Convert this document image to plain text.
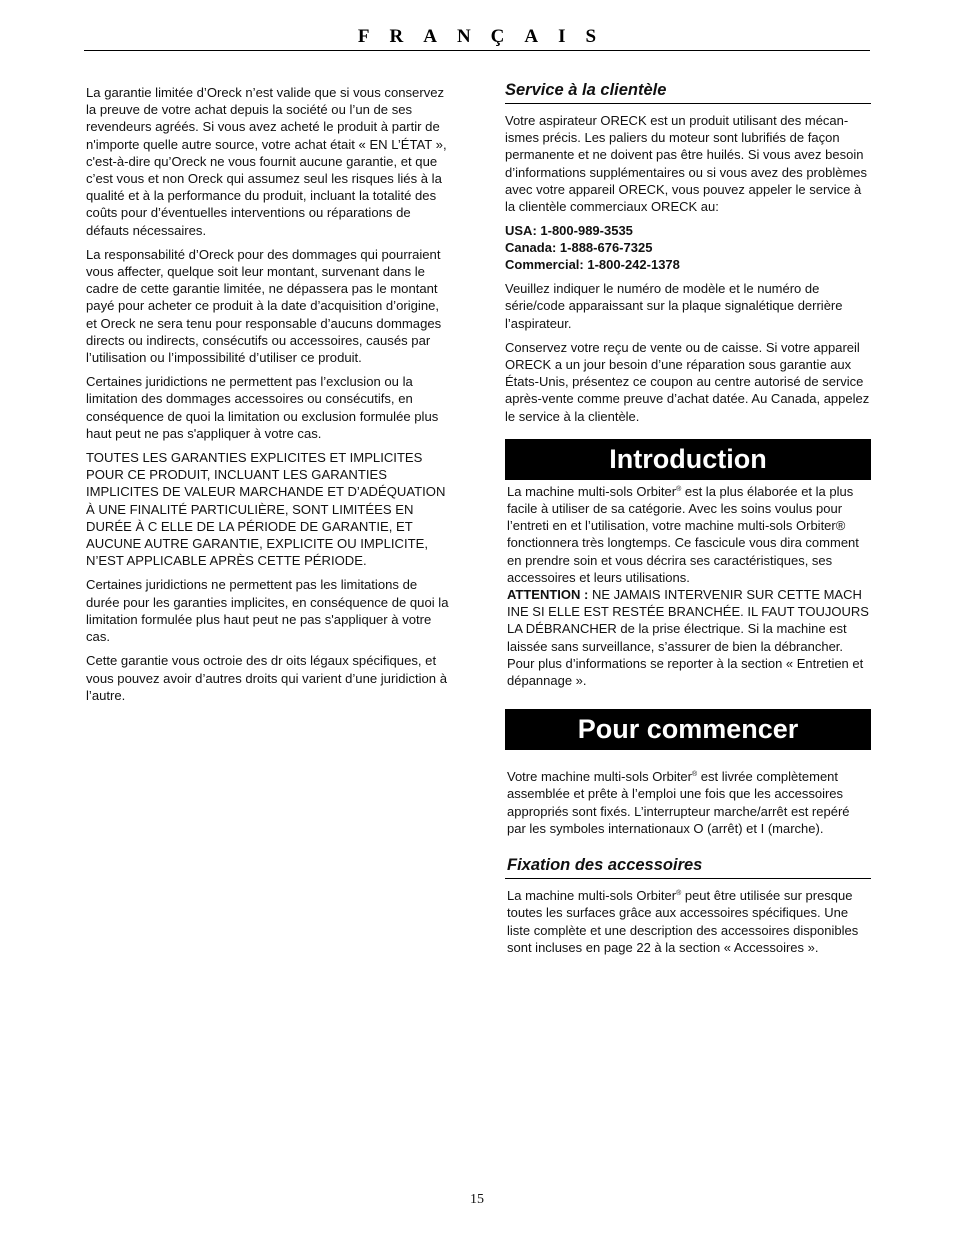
FRANÇAIS

La garantie limitée d’Oreck n’est valide que si vous conservez la preuve de votre achat depuis la société ou l’un de ses revendeurs agréés. Si vous avez acheté le produit à partir de n'importe quelle autre source, votre achat était « EN L’ÉTAT », c'est-à-dire qu’Oreck ne vous fournit aucune garantie, et que c’est vous et non Oreck qui assumez seul les risques liés à la qualité et à la performance du produit, incluant la totalité des coûts pour d’éventuelles interventions ou réparations de défauts nécessaires.

La responsabilité d’Oreck pour des dommages qui pourraient vous affecter, quelque soit leur montant, survenant dans le cadre de cette garantie limitée, ne dépassera pas le montant payé pour acheter ce produit à la date d’acquisition d’origine, et Oreck ne sera tenu pour responsable d’aucuns dommages directs ou indirects, consécutifs ou accessoires, causés par l’utilisation ou l’impossibilité d’utiliser ce produit.

Certaines juridictions ne permettent pas l’exclusion ou la limitation des dommages accessoires ou consécutifs, en conséquence de quoi la limitation ou exclusion formulée plus haut peut ne pas s'appliquer à votre cas.

TOUTES LES GARANTIES EXPLICITES ET IMPLICITES POUR CE PRODUIT, INCLUANT LES GARANTIES IMPLICITES DE VALEUR MARCHANDE ET D’ADÉQUATION À UNE FINALITÉ PARTICULIÈRE, SONT LIMITÉES EN DURÉE À C ELLE DE LA PÉRIODE DE GARANTIE, ET AUCUNE AUTRE GARANTIE, EXPLICITE OU IMPLICITE, N’EST APPLICABLE APRÈS CETTE PÉRIODE.

Certaines juridictions ne permettent pas les limitations de durée pour les garanties implicites, en conséquence de quoi la limitation formulée plus haut peut ne pas s'appliquer à votre cas.

Cette garantie vous octroie des dr oits légaux spécifiques, et vous pouvez avoir d’autres droits qui varient d’une juridiction à l’autre.

Service à la clientèle

Votre aspirateur ORECK est un produit utilisant des mécan-ismes précis. Les paliers du moteur sont lubrifiés de façon permanente et ne doivent pas être huilés. Si vous avez besoin d’informations supplémentaires ou si vous avez des problèmes avec votre appareil ORECK, vous pouvez appeler le service à la clientèle commerciaux ORECK au:

USA: 1-800-989-3535
Canada: 1-888-676-7325
Commercial: 1-800-242-1378

Veuillez indiquer le numéro de modèle et le numéro de série/code apparaissant sur la plaque signalétique derrière l’aspirateur.

Conservez votre reçu de vente ou de caisse. Si votre appareil ORECK a un jour besoin d’une réparation sous garantie aux États-Unis, présentez ce coupon au centre autorisé de service après-vente comme preuve d’achat datée. Au Canada, appelez le service à la clientèle.

Introduction

La machine multi-sols Orbiter® est la plus élaborée et la plus facile à utiliser de sa catégorie. Avec les soins voulus pour l’entreti en et l’utilisation, votre machine multi-sols Orbiter® fonctionnera très longtemps. Ce fascicule vous dira comment en prendre soin et vous décrira ses caractéristiques, ses accessoires et leurs utilisations.
ATTENTION : NE JAMAIS INTERVENIR SUR CETTE MACH INE SI ELLE EST RESTÉE BRANCHÉE. IL FAUT TOUJOURS LA DÉBRANCHER de la prise électrique. Si la machine est laissée sans surveillance, s’assurer de bien la débrancher. Pour plus d’informations se reporter à la section « Entretien et dépannage ».

Pour commencer

Votre machine multi-sols Orbiter® est livrée complètement assemblée et prête à l’emploi une fois que les accessoires appropriés sont fixés. L’interrupteur marche/arrêt est repéré par les symboles internationaux O (arrêt) et I (marche).

Fixation des accessoires

La machine multi-sols Orbiter® peut être utilisée sur presque toutes les surfaces grâce aux accessoires spécifiques. Une liste complète et une description des accessoires disponibles sont incluses en page 22 à la section « Accessoires ».

15
